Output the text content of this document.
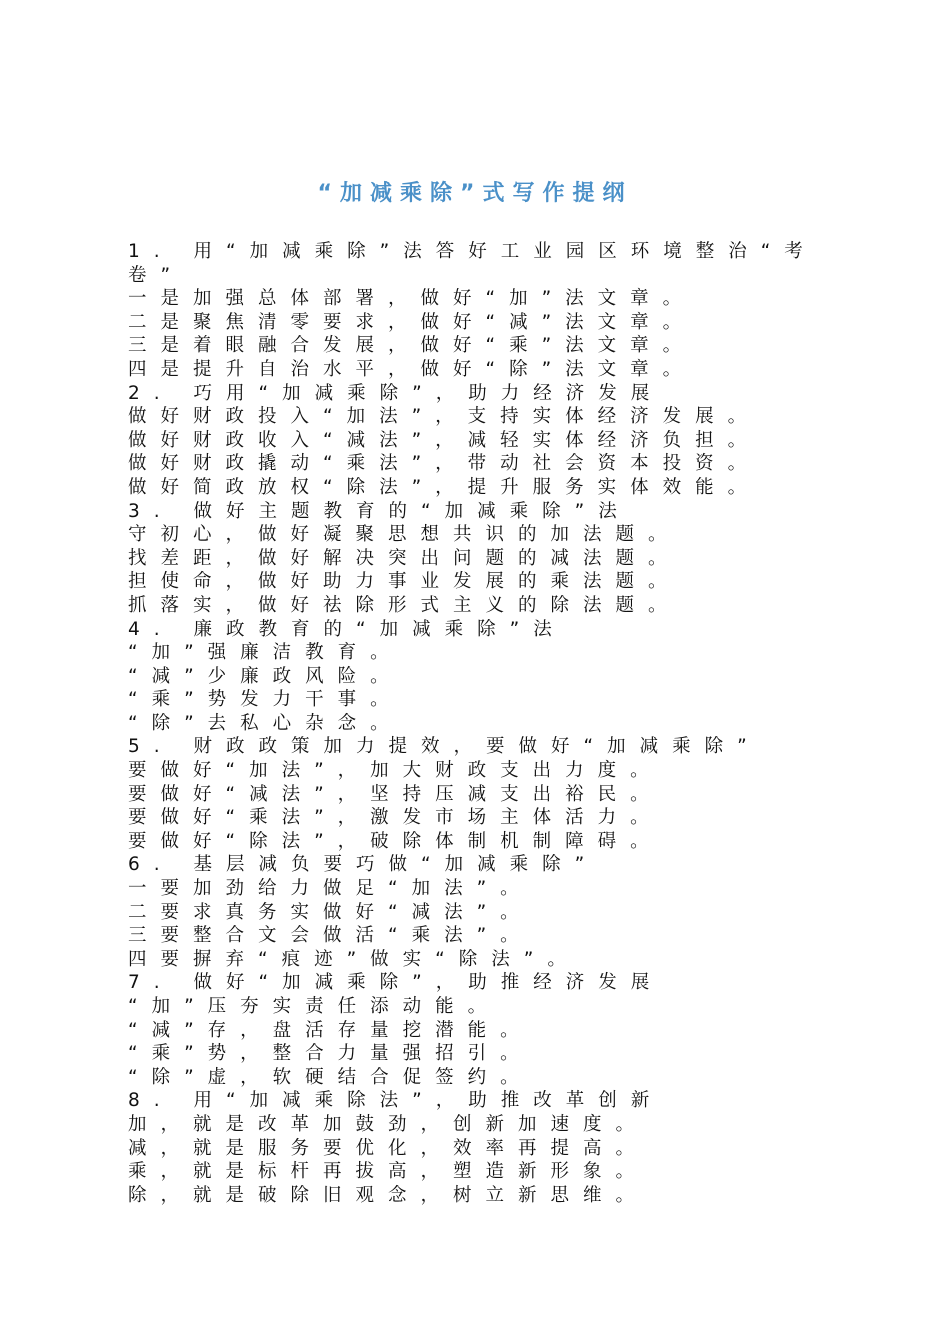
“加减乘除”式写作提纲
1. 用“加减乘除”法答好工业园区环境整治“考卷”
一是加强总体部署，做好“加”法文章。
二是聚焦清零要求，做好“减”法文章。
三是着眼融合发展，做好“乘”法文章。
四是提升自治水平，做好“除”法文章。
2. 巧用“加减乘除”，助力经济发展
做好财政投入“加法”，支持实体经济发展。
做好财政收入“减法”，减轻实体经济负担。
做好财政撬动“乘法”，带动社会资本投资。
做好简政放权“除法”，提升服务实体效能。
3. 做好主题教育的“加减乘除”法
守初心，做好凝聚思想共识的加法题。
找差距，做好解决突出问题的减法题。
担使命，做好助力事业发展的乘法题。
抓落实，做好祛除形式主义的除法题。
4. 廉政教育的“加减乘除”法
“加”强廉洁教育。
“减”少廉政风险。
“乘”势发力干事。
“除”去私心杂念。
5. 财政政策加力提效，要做好“加减乘除”
要做好“加法”，加大财政支出力度。
要做好“减法”，坚持压减支出裕民。
要做好“乘法”，激发市场主体活力。
要做好“除法”，破除体制机制障碍。
6. 基层减负要巧做“加减乘除”
一要加劲给力做足“加法”。
二要求真务实做好“减法”。
三要整合文会做活“乘法”。
四要摒弃“痕迹”做实“除法”。
7. 做好“加减乘除”，助推经济发展
“加”压夯实责任添动能。
“减”存，盘活存量挖潜能。
“乘”势，整合力量强招引。
“除”虚，软硬结合促签约。
8. 用“加减乘除法”，助推改革创新
加，就是改革加鼓劲，创新加速度。
减，就是服务要优化，效率再提高。
乘，就是标杆再拔高，塑造新形象。
除，就是破除旧观念，树立新思维。
